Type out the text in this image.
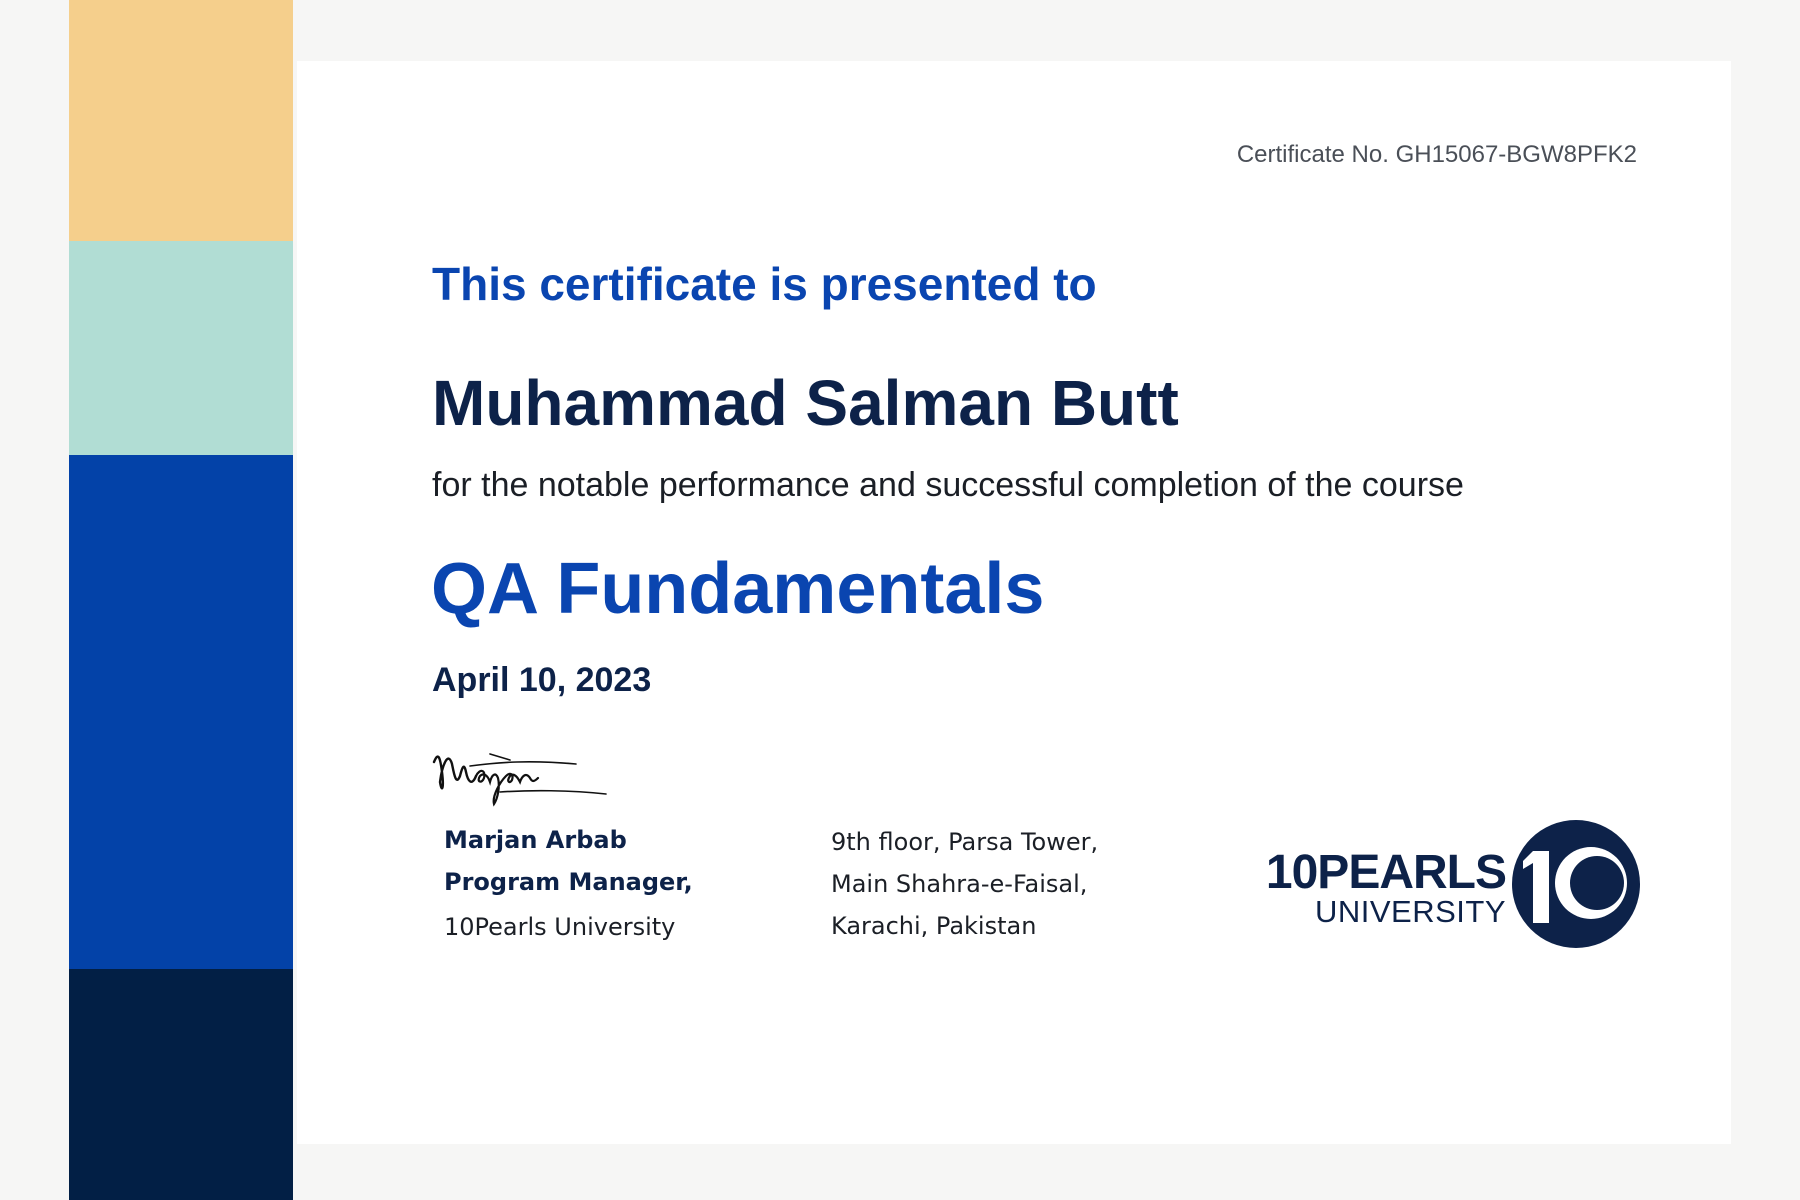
Certificate No. GH15067-BGW8PFK2
This certificate is presented to
Muhammad Salman Butt
for the notable performance and successful completion of the course
QA Fundamentals
April 10, 2023
Marjan Arbab
Program Manager,
10Pearls University
9th floor, Parsa Tower,
Main Shahra-e-Faisal,
Karachi, Pakistan
10PEARLS
UNIVERSITY
